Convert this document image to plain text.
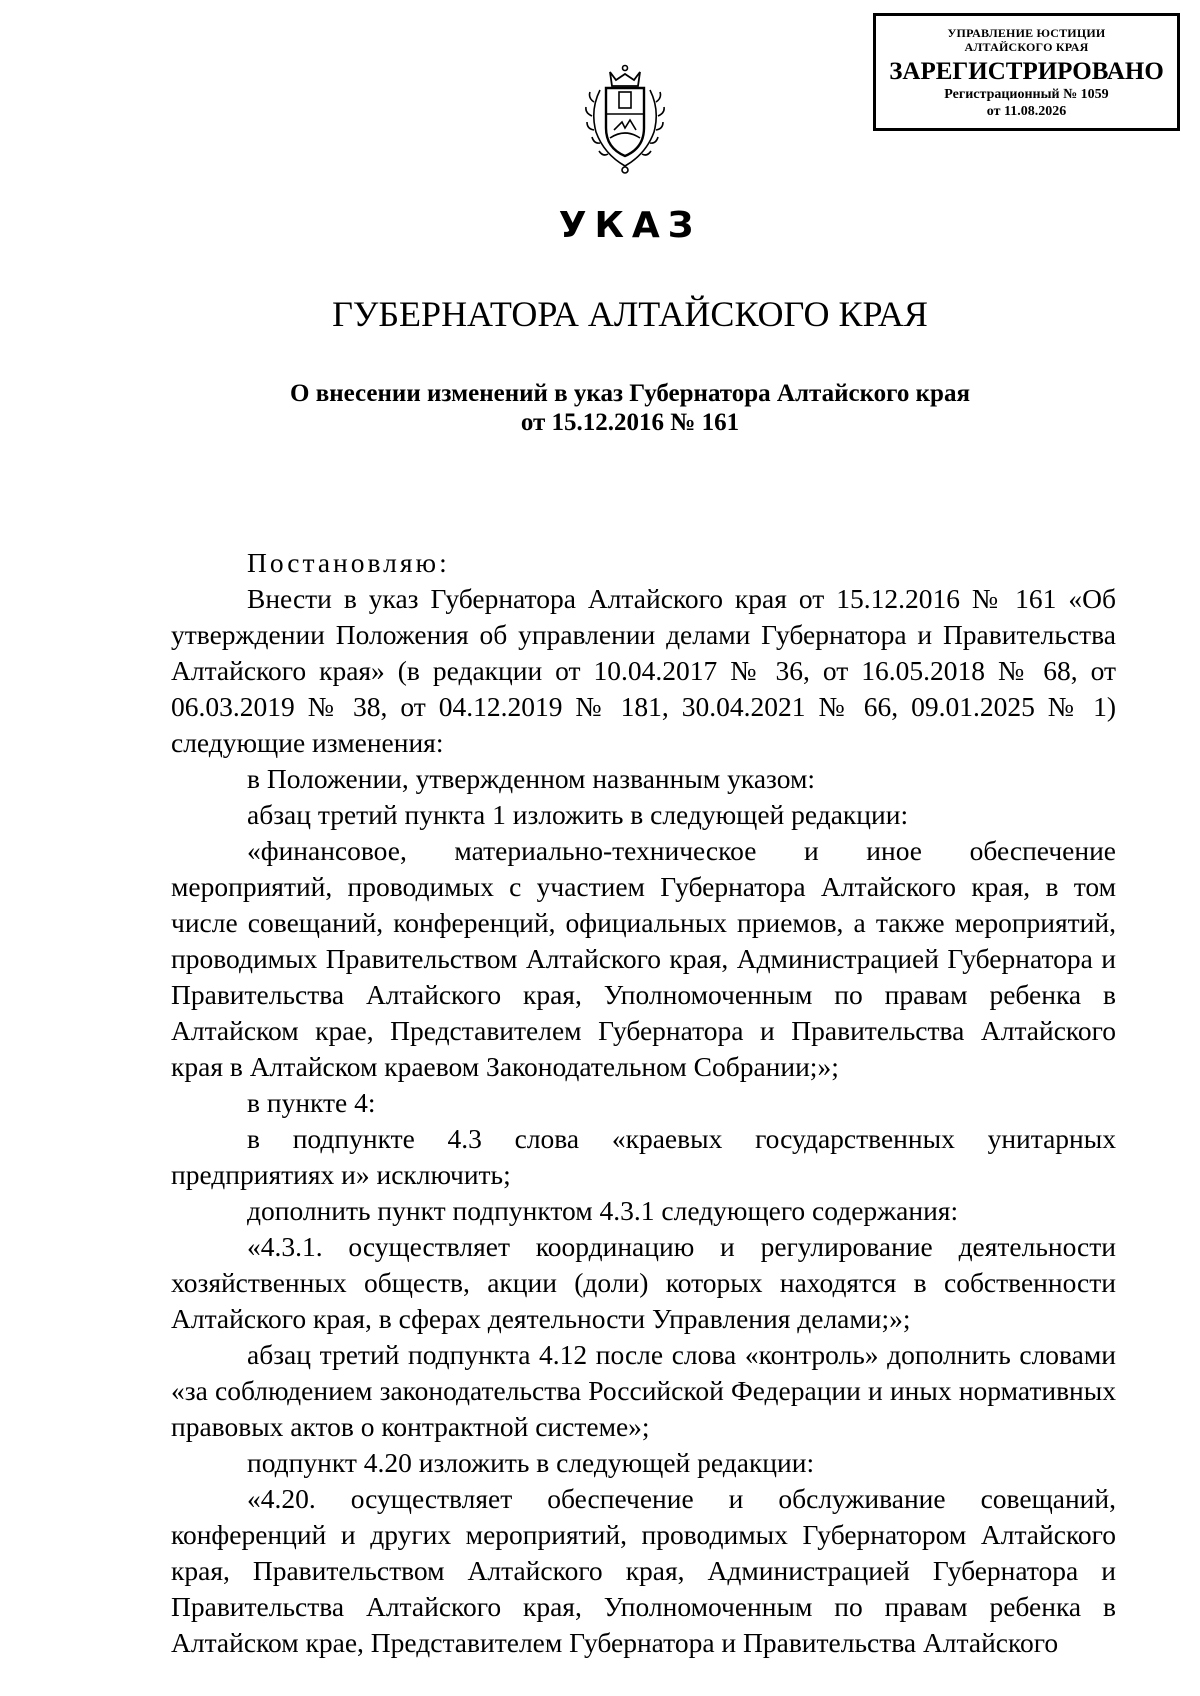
УПРАВЛЕНИЕ ЮСТИЦИИ
АЛТАЙСКОГО КРАЯ
ЗАРЕГИСТРИРОВАНО
Регистрационный № 1059
от 11.08.2026
УКАЗ
ГУБЕРНАТОРА АЛТАЙСКОГО КРАЯ
О внесении изменений в указ Губернатора Алтайского края
от 15.12.2016 № 161
Постановляю:

Внести в указ Губернатора Алтайского края от 15.12.2016 № 161 «Об утверждении Положения об управлении делами Губернатора и Правительства Алтайского края» (в редакции от 10.04.2017 № 36, от 16.05.2018 № 68, от 06.03.2019 № 38, от 04.12.2019 № 181, 30.04.2021 № 66, 09.01.2025 № 1) следующие изменения:

в Положении, утвержденном названным указом:

абзац третий пункта 1 изложить в следующей редакции:

«финансовое, материально-техническое и иное обеспечение мероприятий, проводимых с участием Губернатора Алтайского края, в том числе совещаний, конференций, официальных приемов, а также мероприятий, проводимых Правительством Алтайского края, Администрацией Губернатора и Правительства Алтайского края, Уполномоченным по правам ребенка в Алтайском крае, Представителем Губернатора и Правительства Алтайского края в Алтайском краевом Законодательном Собрании;»;

в пункте 4:

в подпункте 4.3 слова «краевых государственных унитарных предприятиях и» исключить;

дополнить пункт подпунктом 4.3.1 следующего содержания:

«4.3.1. осуществляет координацию и регулирование деятельности хозяйственных обществ, акции (доли) которых находятся в собственности Алтайского края, в сферах деятельности Управления делами;»;

абзац третий подпункта 4.12 после слова «контроль» дополнить словами «за соблюдением законодательства Российской Федерации и иных нормативных правовых актов о контрактной системе»;

подпункт 4.20 изложить в следующей редакции:

«4.20. осуществляет обеспечение и обслуживание совещаний, конференций и других мероприятий, проводимых Губернатором Алтайского края, Правительством Алтайского края, Администрацией Губернатора и Правительства Алтайского края, Уполномоченным по правам ребенка в Алтайском крае, Представителем Губернатора и Правительства Алтайского
